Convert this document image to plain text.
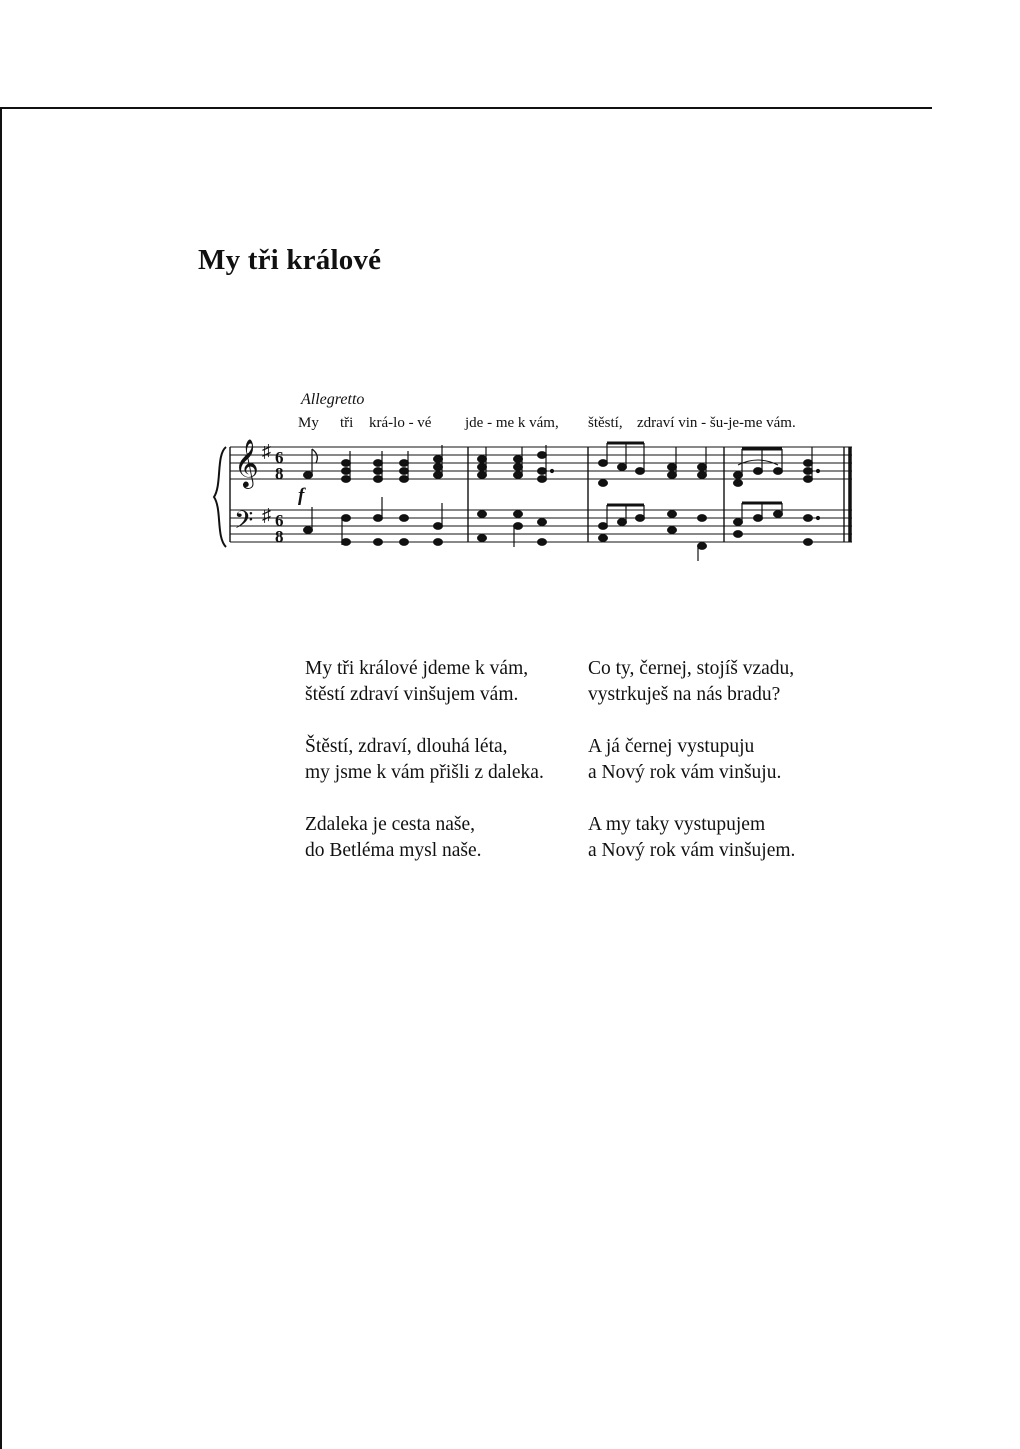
My tři králové
Allegretto
My tři krá-lo - vé jde - me k vám, štěstí, zdraví vin - šu-je-me vám.
𝄞
𝄢
♯
♯
6
8
6
8
f

My tři králové jdeme k vám,
štěstí zdraví vinšujem vám.

Štěstí, zdraví, dlouhá léta,
my jsme k vám přišli z daleka.

Zdaleka je cesta naše,
do Betléma mysl naše.

Co ty, černej, stojíš vzadu,
vystrkuješ na nás bradu?

A já černej vystupuju
a Nový rok vám vinšuju.

A my taky vystupujem
a Nový rok vám vinšujem.
